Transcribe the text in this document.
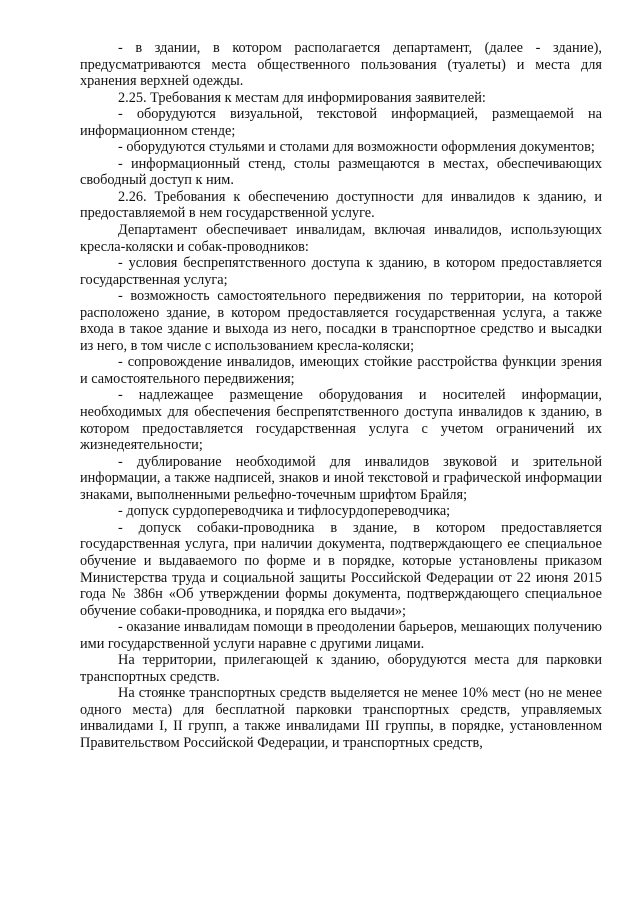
- в здании, в котором располагается департамент, (далее - здание), предусматриваются места общественного пользования (туалеты) и места для хранения верхней одежды.

2.25. Требования к местам для информирования заявителей:

- оборудуются визуальной, текстовой информацией, размещаемой на информационном стенде;

- оборудуются стульями и столами для возможности оформления документов;

- информационный стенд, столы размещаются в местах, обеспечивающих свободный доступ к ним.

2.26. Требования к обеспечению доступности для инвалидов к зданию, и предоставляемой в нем государственной услуге.

Департамент обеспечивает инвалидам, включая инвалидов, использующих кресла-коляски и собак-проводников:

- условия беспрепятственного доступа к зданию, в котором предоставляется государственная услуга;

- возможность самостоятельного передвижения по территории, на которой расположено здание, в котором предоставляется государственная услуга, а также входа в такое здание и выхода из него, посадки в транспортное средство и высадки из него, в том числе с использованием кресла-коляски;

- сопровождение инвалидов, имеющих стойкие расстройства функции зрения и самостоятельного передвижения;

- надлежащее размещение оборудования и носителей информации, необходимых для обеспечения беспрепятственного доступа инвалидов к зданию, в котором предоставляется государственная услуга с учетом ограничений их жизнедеятельности;

- дублирование необходимой для инвалидов звуковой и зрительной информации, а также надписей, знаков и иной текстовой и графической информации знаками, выполненными рельефно-точечным шрифтом Брайля;

- допуск сурдопереводчика и тифлосурдопереводчика;

- допуск собаки-проводника в здание, в котором предоставляется государственная услуга, при наличии документа, подтверждающего ее специальное обучение и выдаваемого по форме и в порядке, которые установлены приказом Министерства труда и социальной защиты Российской Федерации от 22 июня 2015 года № 386н «Об утверждении формы документа, подтверждающего специальное обучение собаки-проводника, и порядка его выдачи»;

- оказание инвалидам помощи в преодолении барьеров, мешающих получению ими государственной услуги наравне с другими лицами.

На территории, прилегающей к зданию, оборудуются места для парковки транспортных средств.

На стоянке транспортных средств выделяется не менее 10% мест (но не менее одного места) для бесплатной парковки транспортных средств, управляемых инвалидами I, II групп, а также инвалидами III группы, в порядке, установленном Правительством Российской Федерации, и транспортных средств,
